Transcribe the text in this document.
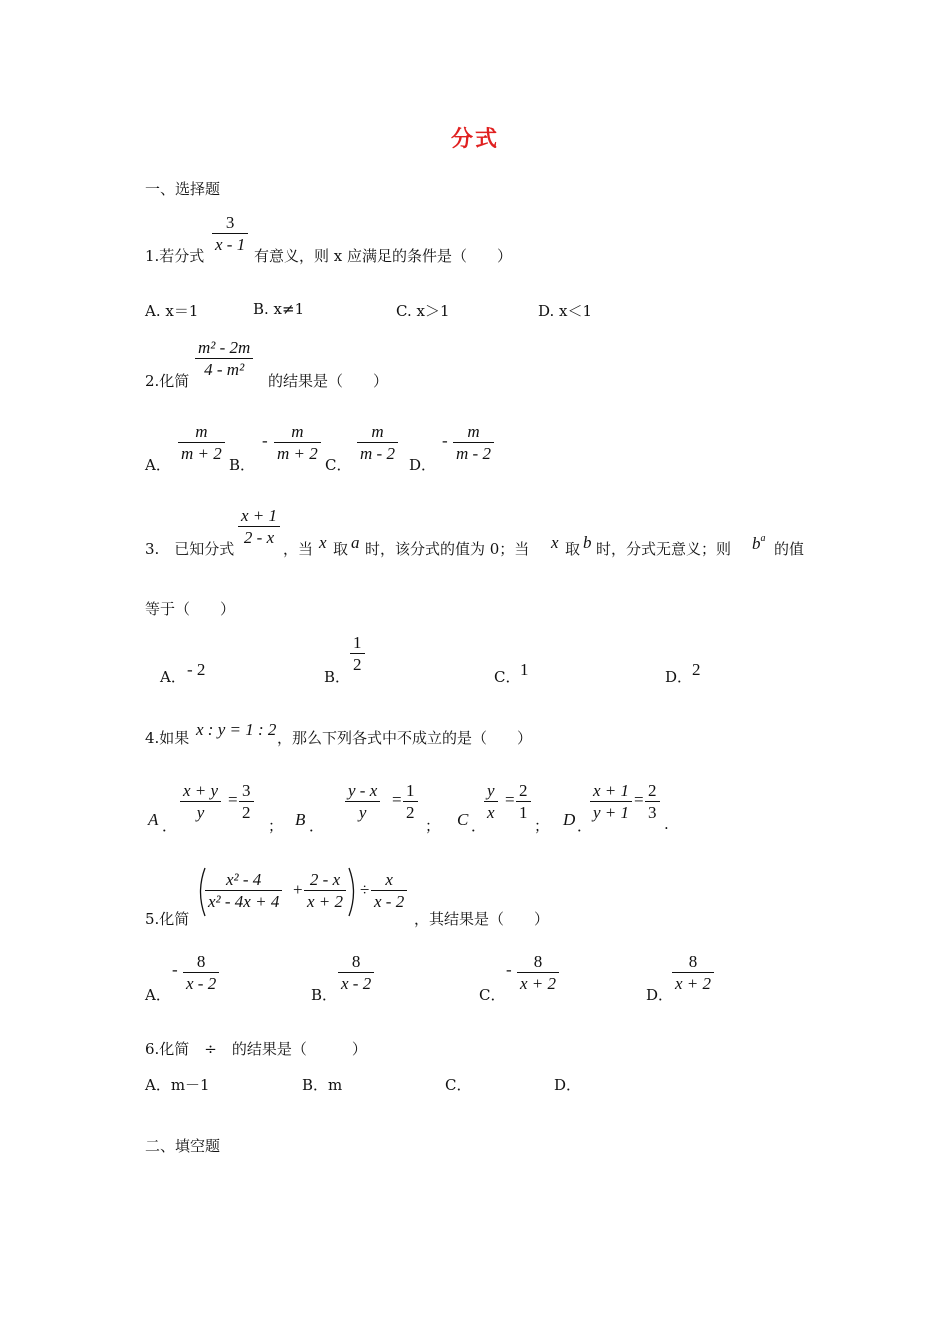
分式
一、选择题
1.若分式
3
x - 1
有意义，则 x 应满足的条件是（　　）
A. x＝1	B. x≠1	C. x＞1	D. x＜1
2.化简
m² - 2m
4 - m²
的结果是（　　）
A．
m
m + 2
B．
- m
m + 2
C．
m
m - 2
D．
- m
m - 2
3.　已知分式
x + 1
2 - x
，当 x 取 a 时，该分式的值为 0；当 x 取 b 时，分式无意义；则 $b^a$
的值
等于（　　）
A． - 2	B．
1
2
C． 1	D． 2
4.如果 x : y = 1 : 2 ，那么下列各式中不成立的是（　　）
A ．
x + y
y
= 3
2
； B ．
y - x
y
= 1
2
； C ．
y
x
= 2
1
； D ．
x + 1
y + 1
= 2
3
.
5.化简
x² - 4
x² - 4x + 4
+
2 - x
x + 2
÷
x
x - 2
，其结果是（　　）
A．
- 8
x - 2
B．
8
x - 2
C．
- 8
x + 2
D．
8
x + 2
6.化简　÷　的结果是（　　　）
A．m－1	B．m	C．	D．
二、填空题
